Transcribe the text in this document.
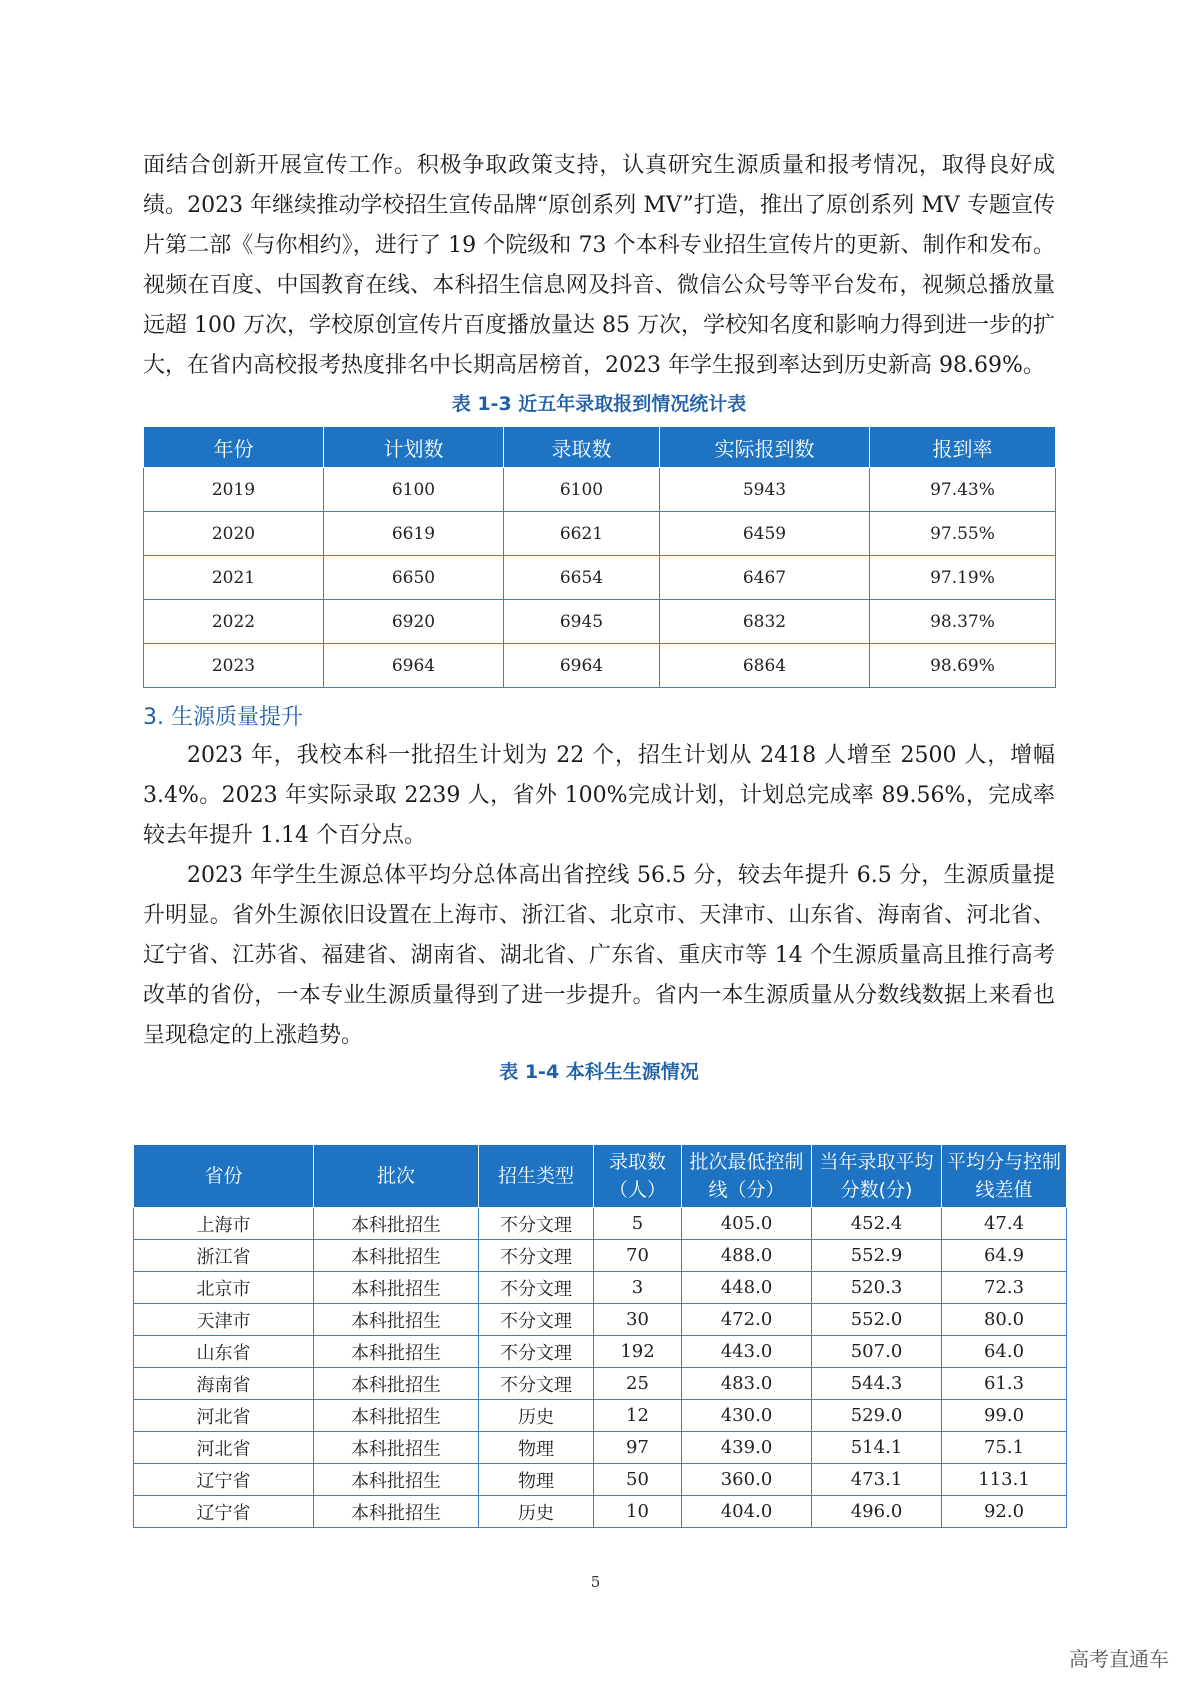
面结合创新开展宣传工作。积极争取政策支持，认真研究生源质量和报考情况，取得良好成绩。2023 年继续推动学校招生宣传品牌“原创系列 MV”打造，推出了原创系列 MV 专题宣传片第二部《与你相约》，进行了 19 个院级和 73 个本科专业招生宣传片的更新、制作和发布。视频在百度、中国教育在线、本科招生信息网及抖音、微信公众号等平台发布，视频总播放量远超 100 万次，学校原创宣传片百度播放量达 85 万次，学校知名度和影响力得到进一步的扩大，在省内高校报考热度排名中长期高居榜首，2023 年学生报到率达到历史新高 98.69%。

表 1-3 近五年录取报到情况统计表
年份	计划数	录取数	实际报到数	报到率
2019	6100	6100	5943	97.43%
2020	6619	6621	6459	97.55%
2021	6650	6654	6467	97.19%
2022	6920	6945	6832	98.37%
2023	6964	6964	6864	98.69%
3. 生源质量提升

2023 年，我校本科一批招生计划为 22 个，招生计划从 2418 人增至 2500 人，增幅 3.4%。2023 年实际录取 2239 人，省外 100%完成计划，计划总完成率 89.56%，完成率较去年提升 1.14 个百分点。

2023 年学生生源总体平均分总体高出省控线 56.5 分，较去年提升 6.5 分，生源质量提升明显。省外生源依旧设置在上海市、浙江省、北京市、天津市、山东省、海南省、河北省、辽宁省、江苏省、福建省、湖南省、湖北省、广东省、重庆市等 14 个生源质量高且推行高考改革的省份，一本专业生源质量得到了进一步提升。省内一本生源质量从分数线数据上来看也呈现稳定的上涨趋势。

表 1-4 本科生生源情况
省份	批次	招生类型	录取数（人）	批次最低控制线（分）	当年录取平均分数(分)	平均分与控制线差值
上海市	本科批招生	不分文理	5	405.0	452.4	47.4
浙江省	本科批招生	不分文理	70	488.0	552.9	64.9
北京市	本科批招生	不分文理	3	448.0	520.3	72.3
天津市	本科批招生	不分文理	30	472.0	552.0	80.0
山东省	本科批招生	不分文理	192	443.0	507.0	64.0
海南省	本科批招生	不分文理	25	483.0	544.3	61.3
河北省	本科批招生	历史	12	430.0	529.0	99.0
河北省	本科批招生	物理	97	439.0	514.1	75.1
辽宁省	本科批招生	物理	50	360.0	473.1	113.1
辽宁省	本科批招生	历史	10	404.0	496.0	92.0
5
高考直通车
